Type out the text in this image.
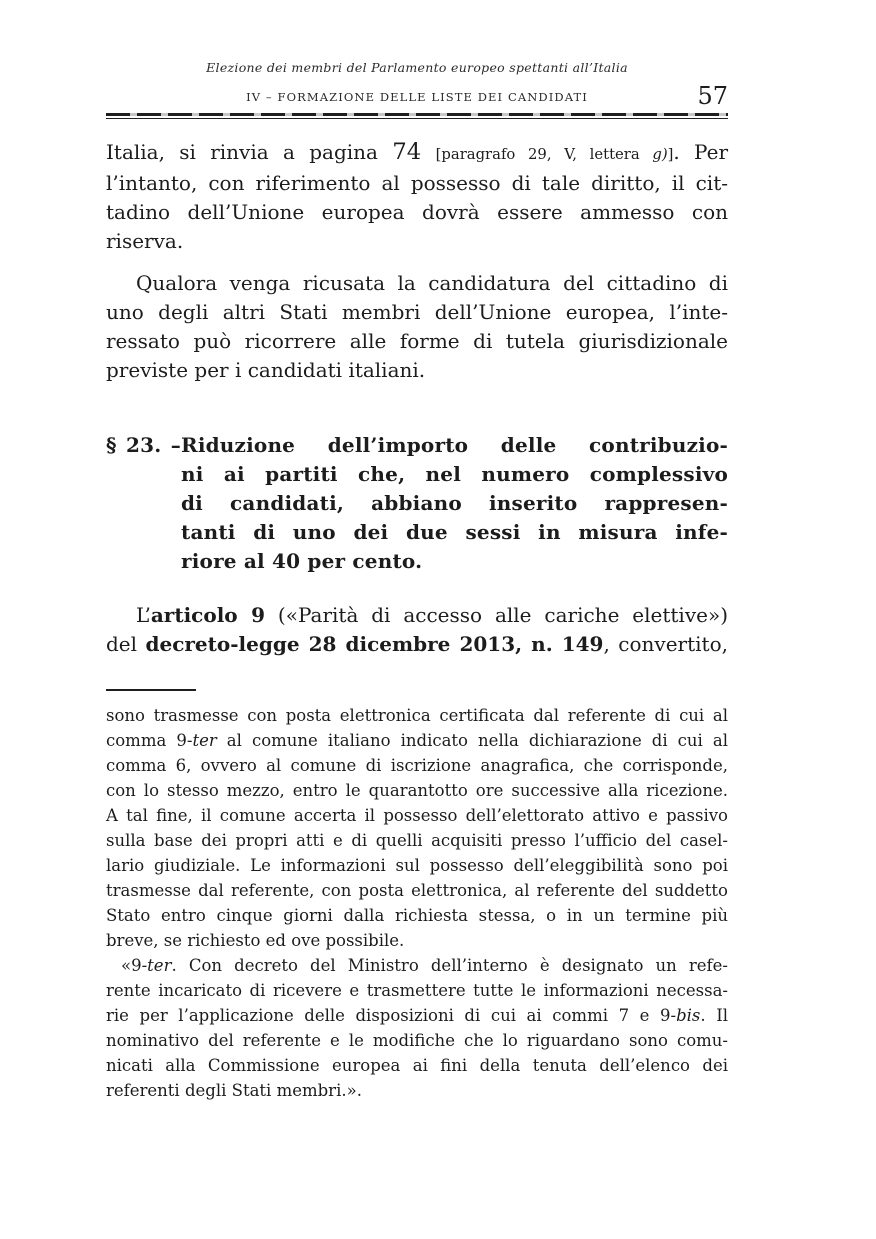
Elezione dei membri del Parlamento europeo spettanti all’Italia
IV – FORMAZIONE DELLE LISTE DEI CANDIDATI	57
Italia, si rinvia a pagina 74 [paragrafo 29, V, lettera g)]. Per
l’intanto, con riferimento al possesso di tale diritto, il cit-
tadino dell’Unione europea dovrà essere ammesso con
riserva.
Qualora venga ricusata la candidatura del cittadino di
uno degli altri Stati membri dell’Unione europea, l’inte-
ressato può ricorrere alle forme di tutela giurisdizionale
previste per i candidati italiani.
§ 23. –Riduzione dell’importo delle contribuzio-
ni ai partiti che, nel numero complessivo
di candidati, abbiano inserito rappresen-
tanti di uno dei due sessi in misura infe-
riore al 40 per cento.
L’articolo 9 («Parità di accesso alle cariche elettive»)
del decreto-legge 28 dicembre 2013, n. 149, convertito,
sono trasmesse con posta elettronica certificata dal referente di cui al
comma 9-ter al comune italiano indicato nella dichiarazione di cui al
comma 6, ovvero al comune di iscrizione anagrafica, che corrisponde,
con lo stesso mezzo, entro le quarantotto ore successive alla ricezione.
A tal fine, il comune accerta il possesso dell’elettorato attivo e passivo
sulla base dei propri atti e di quelli acquisiti presso l’ufficio del casel-
lario giudiziale. Le informazioni sul possesso dell’eleggibilità sono poi
trasmesse dal referente, con posta elettronica, al referente del suddetto
Stato entro cinque giorni dalla richiesta stessa, o in un termine più
breve, se richiesto ed ove possibile.
«9-ter. Con decreto del Ministro dell’interno è designato un refe-
rente incaricato di ricevere e trasmettere tutte le informazioni necessa-
rie per l’applicazione delle disposizioni di cui ai commi 7 e 9-bis. Il
nominativo del referente e le modifiche che lo riguardano sono comu-
nicati alla Commissione europea ai fini della tenuta dell’elenco dei
referenti degli Stati membri.».
